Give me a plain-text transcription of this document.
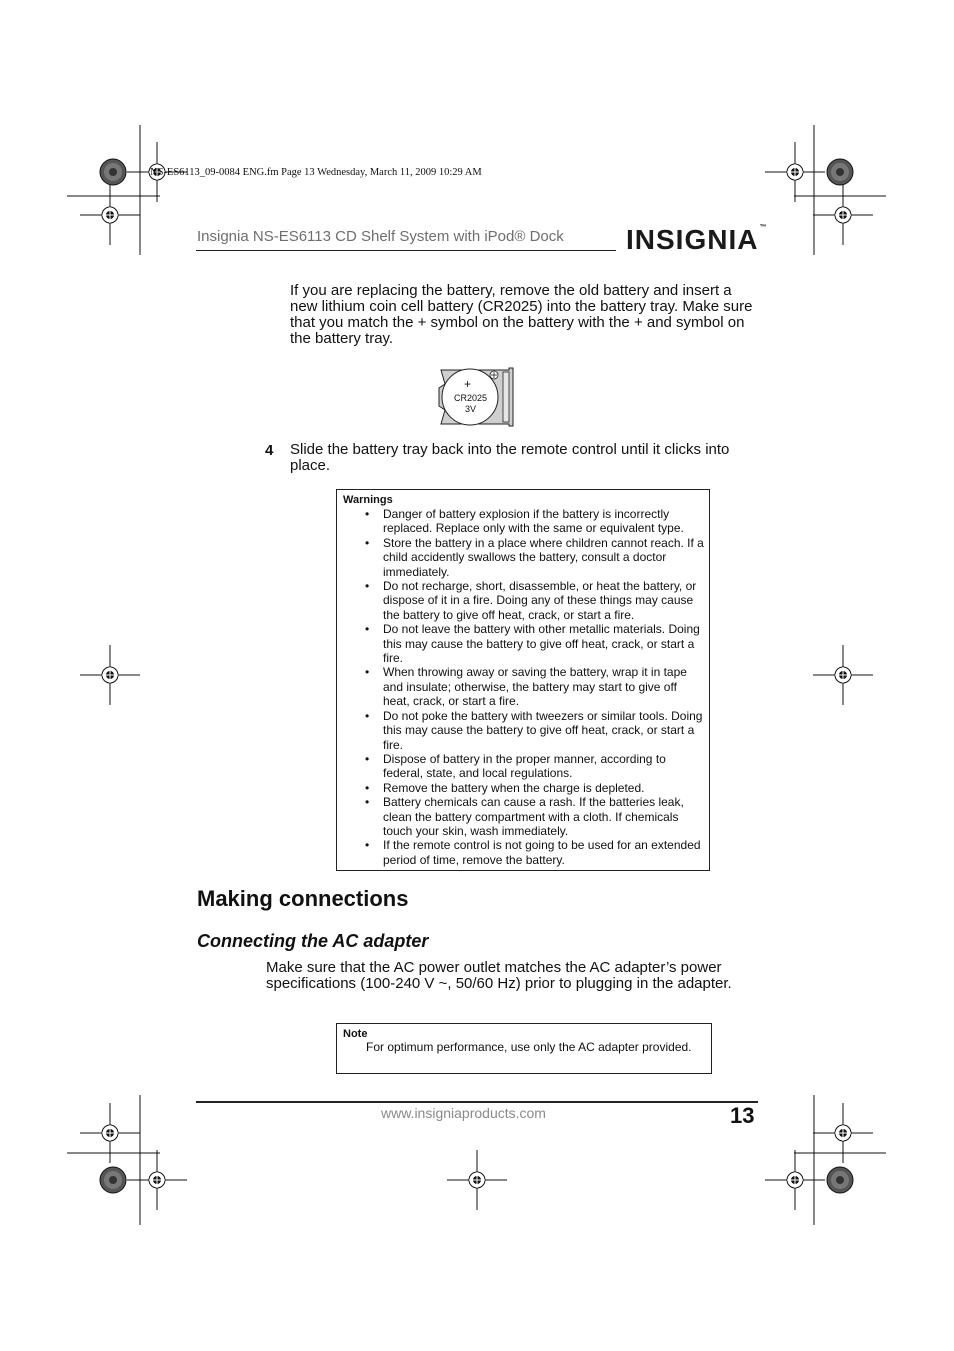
NS-ES6113_09-0084 ENG.fm Page 13 Wednesday, March 11, 2009 10:29 AM
Insignia NS-ES6113 CD Shelf System with iPod® Dock INSIGNIA™
If you are replacing the battery, remove the old battery and insert a new lithium coin cell battery (CR2025) into the battery tray. Make sure that you match the + symbol on the battery with the + and symbol on the battery tray.
+
CR2025
3V
4 Slide the battery tray back into the remote control until it clicks into place.
Warnings
• Danger of battery explosion if the battery is incorrectly replaced. Replace only with the same or equivalent type.
• Store the battery in a place where children cannot reach. If a child accidently swallows the battery, consult a doctor immediately.
• Do not recharge, short, disassemble, or heat the battery, or dispose of it in a fire. Doing any of these things may cause the battery to give off heat, crack, or start a fire.
• Do not leave the battery with other metallic materials. Doing this may cause the battery to give off heat, crack, or start a fire.
• When throwing away or saving the battery, wrap it in tape and insulate; otherwise, the battery may start to give off heat, crack, or start a fire.
• Do not poke the battery with tweezers or similar tools. Doing this may cause the battery to give off heat, crack, or start a fire.
• Dispose of battery in the proper manner, according to federal, state, and local regulations.
• Remove the battery when the charge is depleted.
• Battery chemicals can cause a rash. If the batteries leak, clean the battery compartment with a cloth. If chemicals touch your skin, wash immediately.
• If the remote control is not going to be used for an extended period of time, remove the battery.
Making connections
Connecting the AC adapter
Make sure that the AC power outlet matches the AC adapter’s power specifications (100-240 V ~, 50/60 Hz) prior to plugging in the adapter.
Note
For optimum performance, use only the AC adapter provided.
www.insigniaproducts.com	13
